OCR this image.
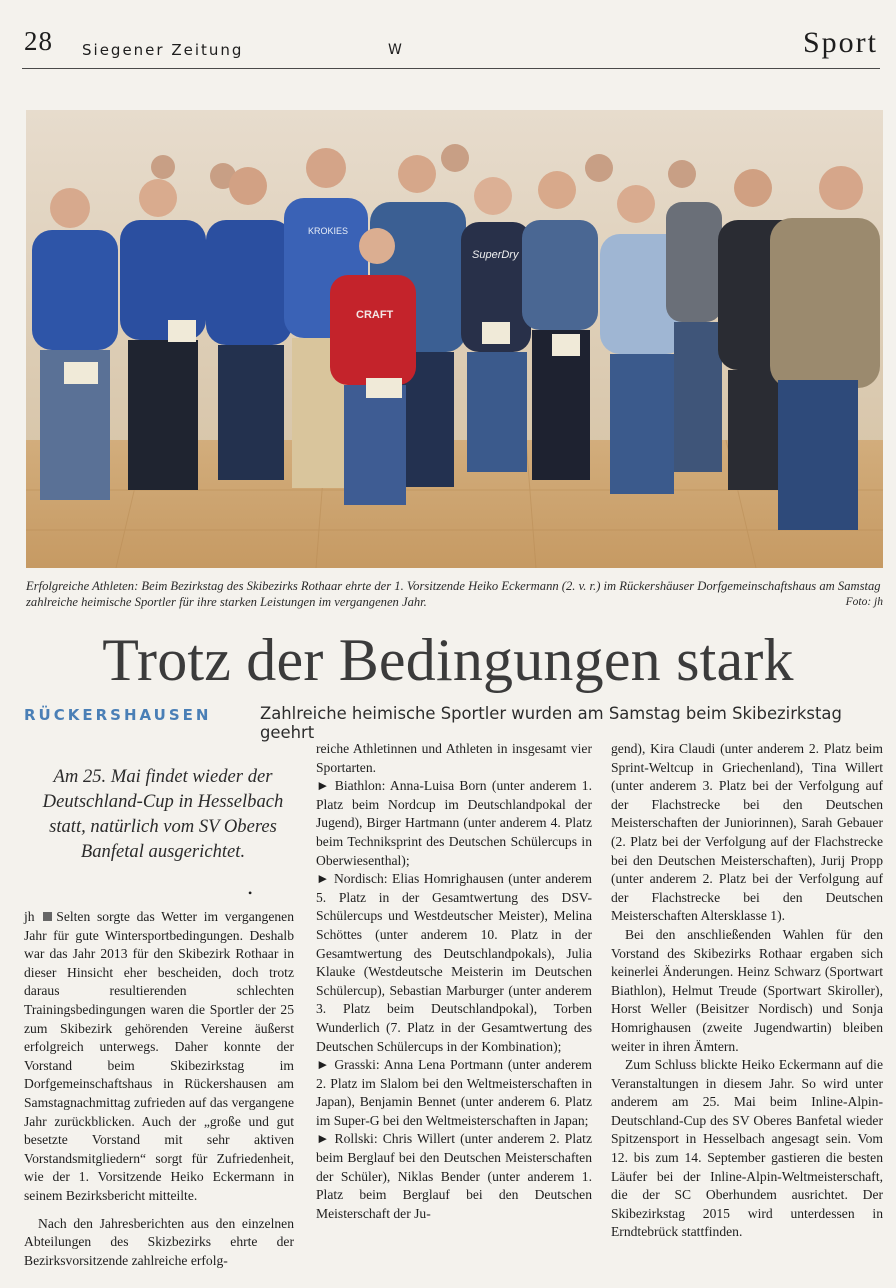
28 Siegener Zeitung	W	Sport
CRAFT
SuperDry
KROKIES
Erfolgreiche Athleten: Beim Bezirkstag des Skibezirks Rothaar ehrte der 1. Vorsitzende Heiko Eckermann (2. v. r.) im Rückershäuser Dorfgemeinschaftshaus am Samstag zahlreiche heimische Sportler für ihre starken Leistungen im vergangenen Jahr.	Foto: jh
Trotz der Bedingungen stark
RÜCKERSHAUSEN	Zahlreiche heimische Sportler wurden am Samstag beim Skibezirkstag geehrt
Am 25. Mai findet wieder der Deutschland-Cup in Hesselbach statt, natürlich vom SV Oberes Banfetal ausgerichtet.
•

jh Selten sorgte das Wetter im vergangenen Jahr für gute Wintersportbedingungen. Deshalb war das Jahr 2013 für den Skibezirk Rothaar in dieser Hinsicht eher bescheiden, doch trotz daraus resultierenden schlechten Trainingsbedingungen waren die Sportler der 25 zum Skibezirk gehörenden Vereine äußerst erfolgreich unterwegs. Daher konnte der Vorstand beim Skibezirkstag im Dorfgemeinschaftshaus in Rückershausen am Samstagnachmittag zufrieden auf das vergangene Jahr zurückblicken. Auch der „große und gut besetzte Vorstand mit sehr aktiven Vorstandsmitgliedern“ sorgt für Zufriedenheit, wie der 1. Vorsitzende Heiko Eckermann in seinem Bezirksbericht mitteilte.

Nach den Jahresberichten aus den einzelnen Abteilungen des Skizbezirks ehrte der Bezirksvorsitzende zahlreiche erfolg-

reiche Athletinnen und Athleten in insgesamt vier Sportarten.

► Biathlon: Anna-Luisa Born (unter anderem 1. Platz beim Nordcup im Deutschlandpokal der Jugend), Birger Hartmann (unter anderem 4. Platz beim Techniksprint des Deutschen Schülercups in Oberwiesenthal);

► Nordisch: Elias Homrighausen (unter anderem 5. Platz in der Gesamtwertung des DSV-Schülercups und Westdeutscher Meister), Melina Schöttes (unter anderem 10. Platz in der Gesamtwertung des Deutschlandpokals), Julia Klauke (Westdeutsche Meisterin im Deutschen Schülercup), Sebastian Marburger (unter anderem 3. Platz beim Deutschlandpokal), Torben Wunderlich (7. Platz in der Gesamtwertung des Deutschen Schülercups in der Kombination);

► Grasski: Anna Lena Portmann (unter anderem 2. Platz im Slalom bei den Weltmeisterschaften in Japan), Benjamin Bennet (unter anderem 6. Platz im Super-G bei den Weltmeisterschaften in Japan;

► Rollski: Chris Willert (unter anderem 2. Platz beim Berglauf bei den Deutschen Meisterschaften der Schüler), Niklas Bender (unter anderem 1. Platz beim Berglauf bei den Deutschen Meisterschaft der Ju-

gend), Kira Claudi (unter anderem 2. Platz beim Sprint-Weltcup in Griechenland), Tina Willert (unter anderem 3. Platz bei der Verfolgung auf der Flachstrecke bei den Deutschen Meisterschaften der Juniorinnen), Sarah Gebauer (2. Platz bei der Verfolgung auf der Flachstrecke bei den Deutschen Meisterschaften), Jurij Propp (unter anderem 2. Platz bei der Verfolgung auf der Flachstrecke bei den Deutschen Meisterschaften Altersklasse 1).

Bei den anschließenden Wahlen für den Vorstand des Skibezirks Rothaar ergaben sich keinerlei Änderungen. Heinz Schwarz (Sportwart Biathlon), Helmut Treude (Sportwart Skiroller), Horst Weller (Beisitzer Nordisch) und Sonja Homrighausen (zweite Jugendwartin) bleiben weiter in ihren Ämtern.

Zum Schluss blickte Heiko Eckermann auf die Veranstaltungen in diesem Jahr. So wird unter anderem am 25. Mai beim Inline-Alpin-Deutschland-Cup des SV Oberes Banfetal wieder Spitzensport in Hesselbach angesagt sein. Vom 12. bis zum 14. September gastieren die besten Läufer bei der Inline-Alpin-Weltmeisterschaft, die der SC Oberhundem ausrichtet. Der Skibezirkstag 2015 wird unterdessen in Erndtebrück stattfinden.
